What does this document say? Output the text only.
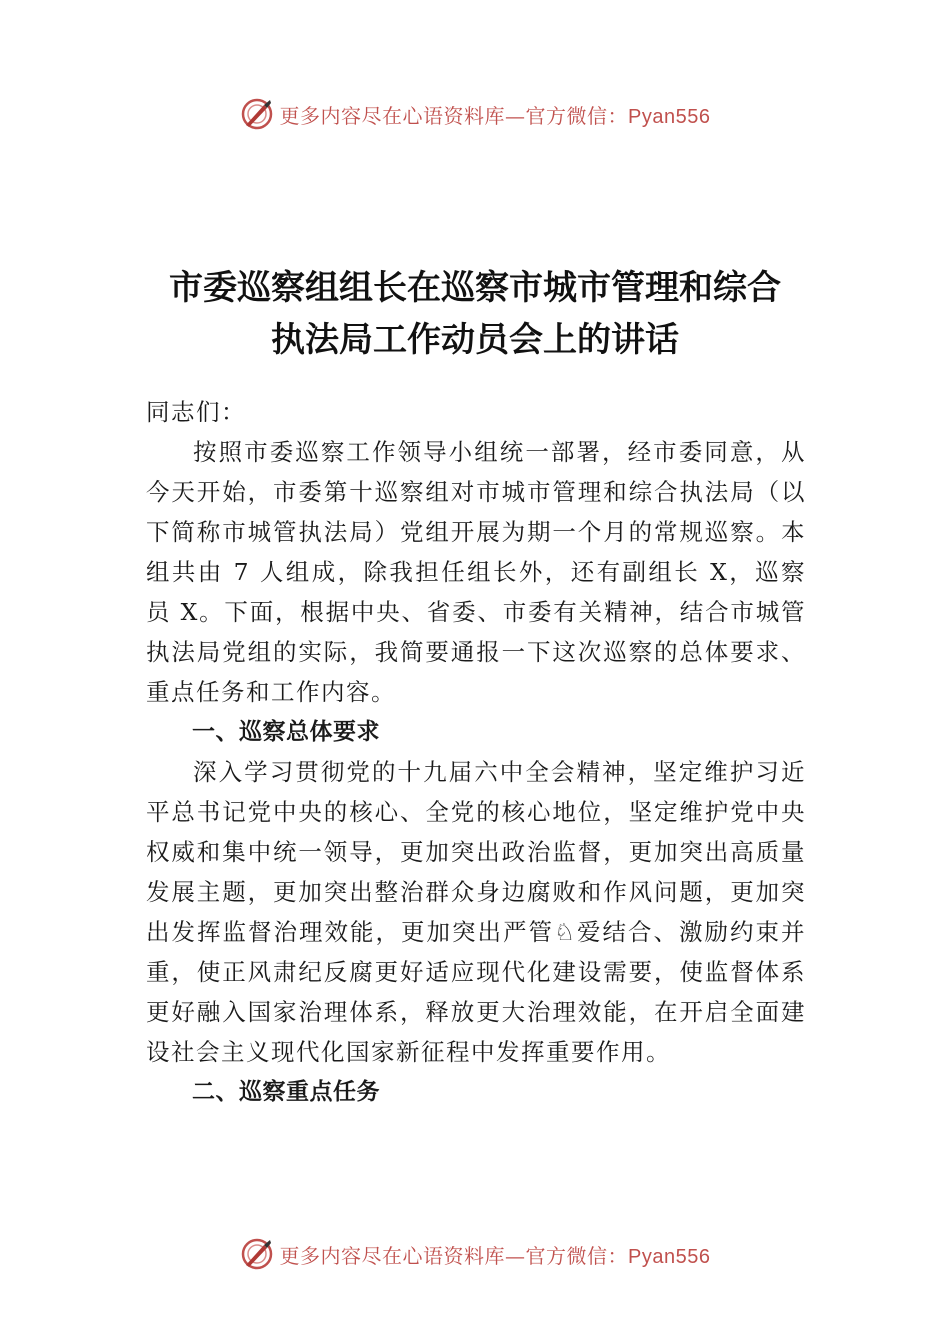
更多内容尽在心语资料库—官方微信：Pyan556
市委巡察组组长在巡察市城市管理和综合
执法局工作动员会上的讲话

同志们：

按照市委巡察工作领导小组统一部署，经市委同意，从今天开始，市委第十巡察组对市城市管理和综合执法局（以下简称市城管执法局）党组开展为期一个月的常规巡察。本组共由 7 人组成，除我担任组长外，还有副组长 X，巡察员 X。下面，根据中央、省委、市委有关精神，结合市城管执法局党组的实际，我简要通报一下这次巡察的总体要求、重点任务和工作内容。

一、巡察总体要求

深入学习贯彻党的十九届六中全会精神，坚定维护习近平总书记党中央的核心、全党的核心地位，坚定维护党中央权威和集中统一领导，更加突出政治监督，更加突出高质量发展主题，更加突出整治群众身边腐败和作风问题，更加突出发挥监督治理效能，更加突出严管♘爱结合、激励约束并重，使正风肃纪反腐更好适应现代化建设需要，使监督体系更好融入国家治理体系，释放更大治理效能，在开启全面建设社会主义现代化国家新征程中发挥重要作用。

二、巡察重点任务

更多内容尽在心语资料库—官方微信：Pyan556
